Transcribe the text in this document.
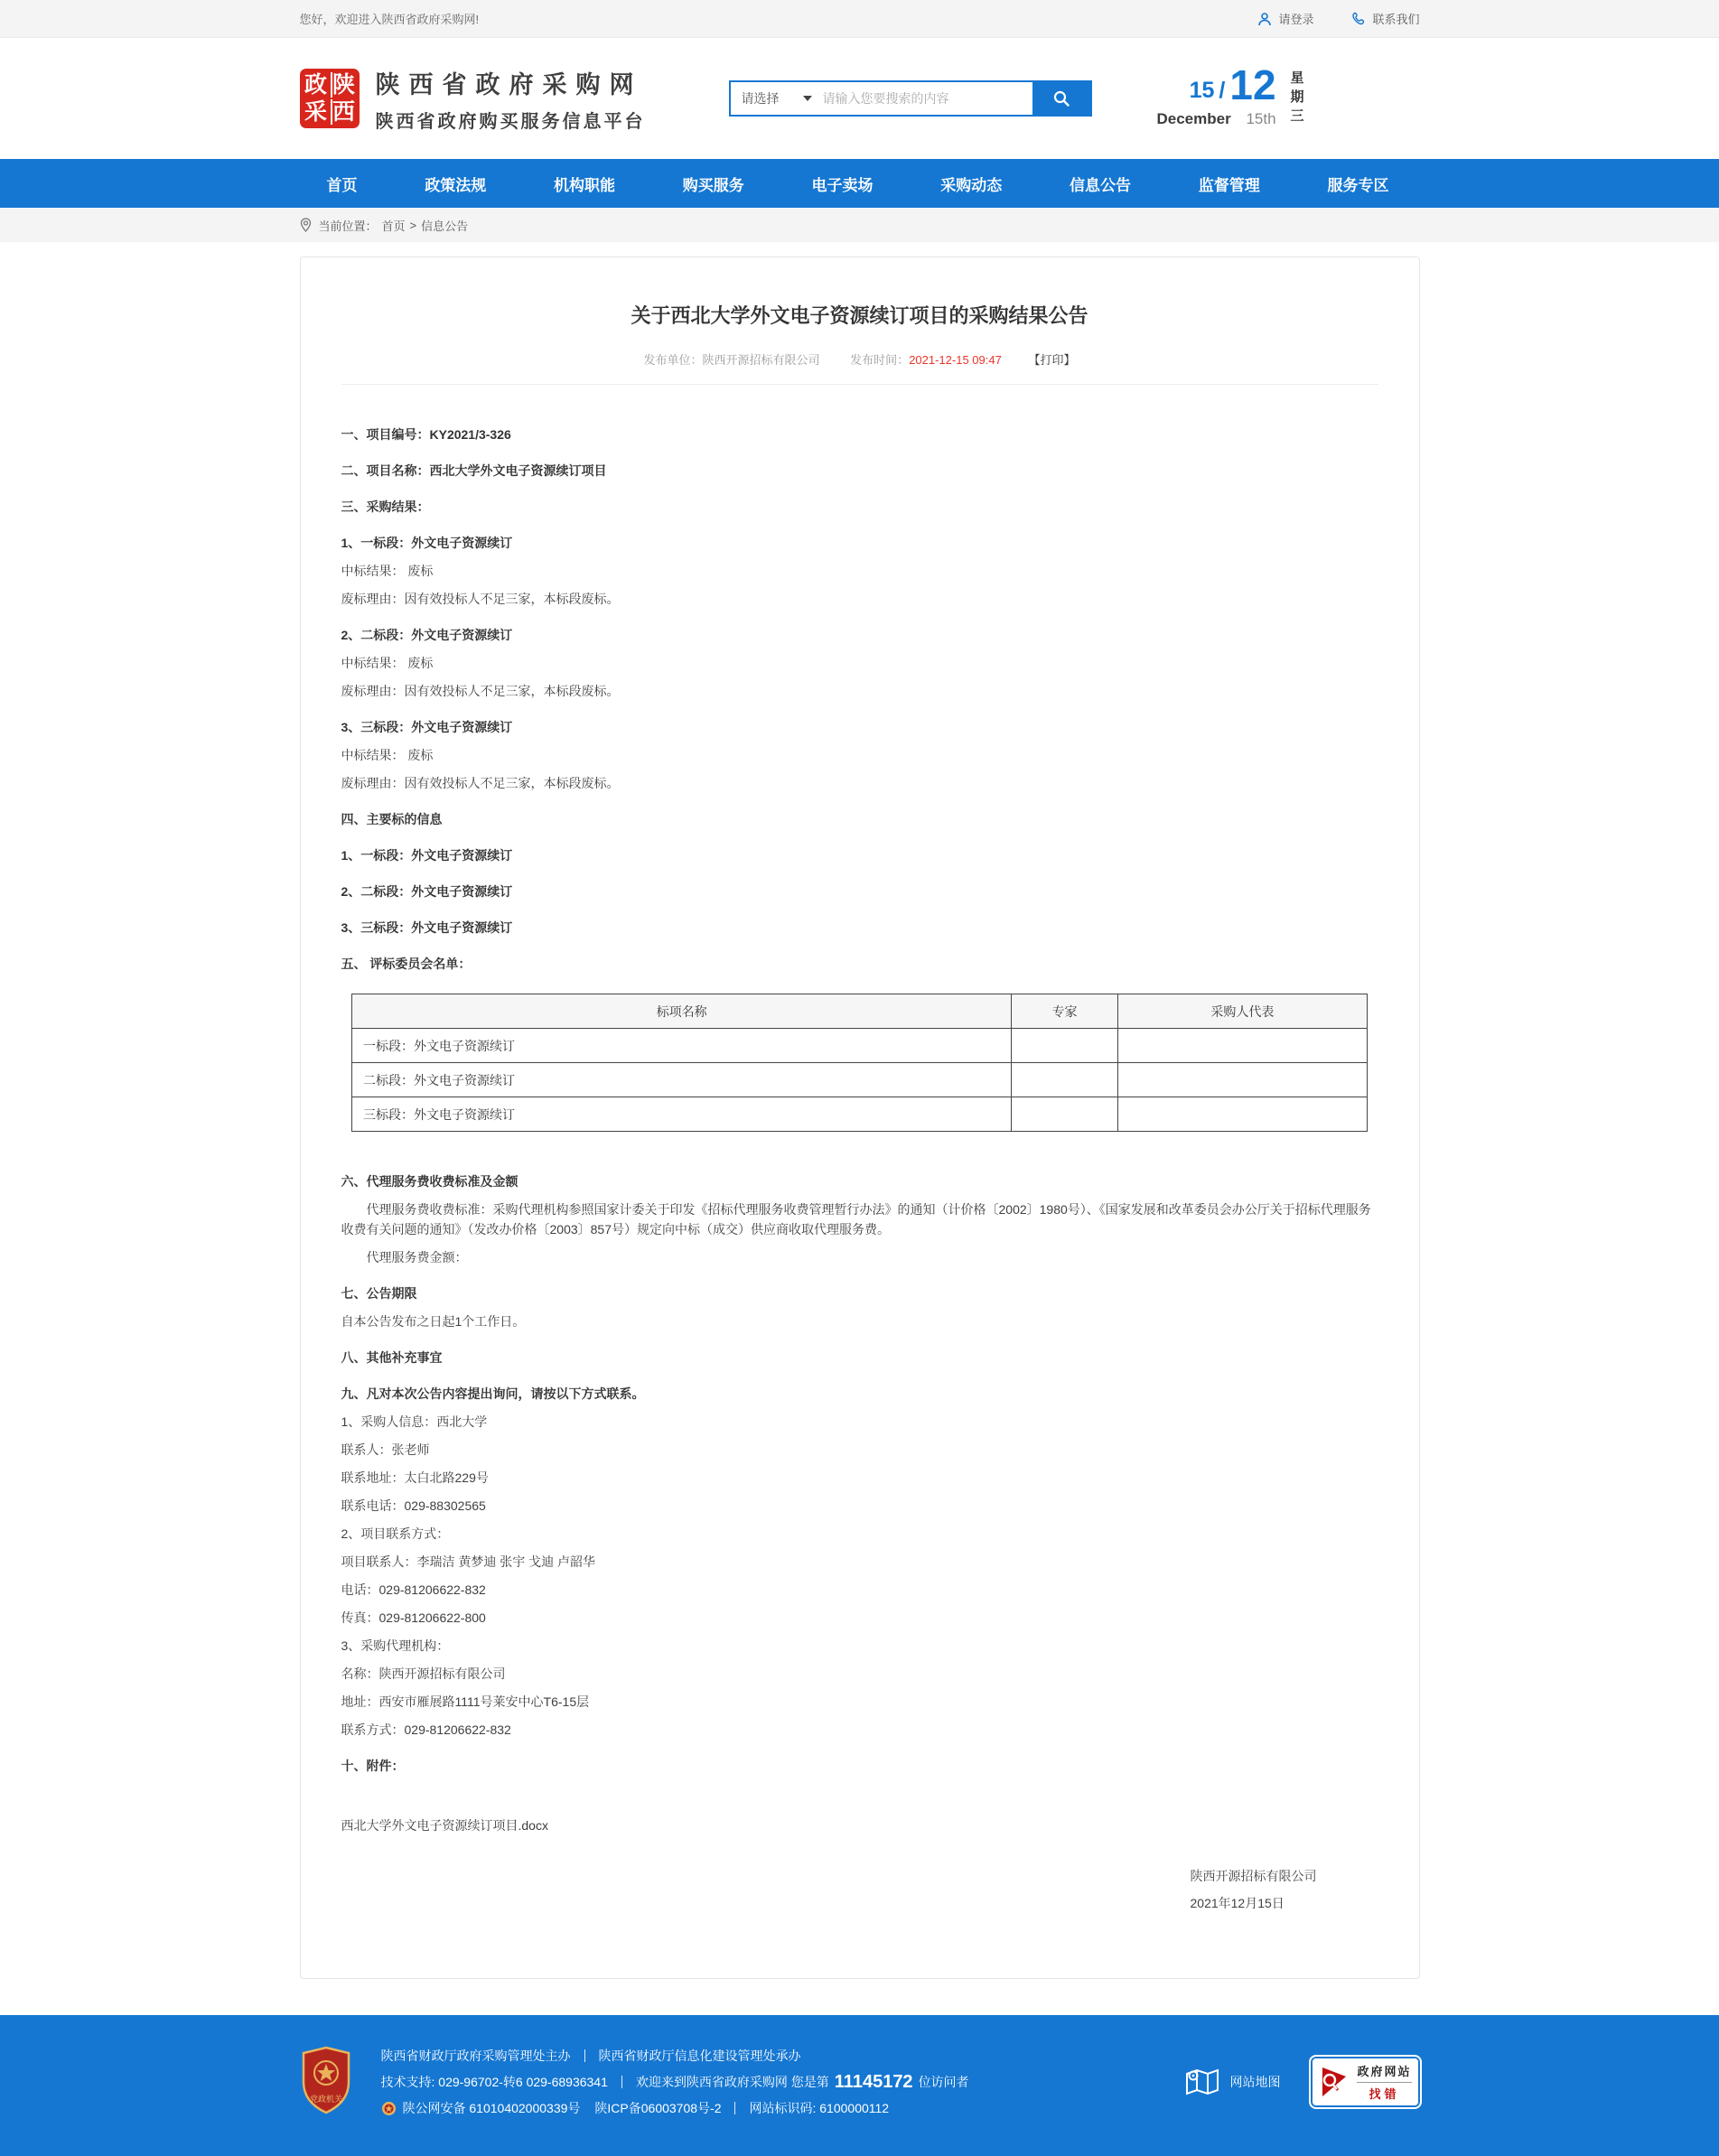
您好，欢迎进入陕西省政府采购网!	请登录	联系我们
政 陕
采 西
陕西省政府采购网
陕西省政府购买服务信息平台
请选择
请输入您要搜索的内容	15 / 12
December 15th
星期三
首页	政策法规	机构职能	购买服务	电子卖场	采购动态	信息公告	监督管理	服务专区
当前位置： 首页 > 信息公告
关于西北大学外文电子资源续订项目的采购结果公告
发布单位：陕西开源招标有限公司	发布时间：2021-12-15 09:47 【打印】

一、项目编号：KY2021/3-326

二、项目名称：西北大学外文电子资源续订项目

三、采购结果：

1、一标段：外文电子资源续订

中标结果： 废标

废标理由：因有效投标人不足三家，本标段废标。

2、二标段：外文电子资源续订

中标结果： 废标

废标理由：因有效投标人不足三家，本标段废标。

3、三标段：外文电子资源续订

中标结果： 废标

废标理由：因有效投标人不足三家，本标段废标。

四、主要标的信息

1、一标段：外文电子资源续订

2、二标段：外文电子资源续订

3、三标段：外文电子资源续订

五、 评标委员会名单：

标项名称	专家	采购人代表
一标段：外文电子资源续订		
二标段：外文电子资源续订		
三标段：外文电子资源续订		

六、代理服务费收费标准及金额

代理服务费收费标准：采购代理机构参照国家计委关于印发《招标代理服务收费管理暂行办法》的通知（计价格〔2002〕1980号）、《国家发展和改革委员会办公厅关于招标代理服务收费有关问题的通知》（发改办价格〔2003〕857号）规定向中标（成交）供应商收取代理服务费。

代理服务费金额：

七、公告期限

自本公告发布之日起1个工作日。

八、其他补充事宜

九、凡对本次公告内容提出询问，请按以下方式联系。

1、采购人信息：西北大学

联系人：张老师

联系地址：太白北路229号

联系电话：029-88302565

2、项目联系方式：

项目联系人：李瑞洁 黄梦迪 张宇 戈迪 卢韶华

电话：029-81206622-832

传真：029-81206622-800

3、采购代理机构：

名称：陕西开源招标有限公司

地址：西安市雁展路1111号莱安中心T6-15层

联系方式：029-81206622-832

十、附件：

西北大学外文电子资源续订项目.docx

陕西开源招标有限公司
2021年12月15日
党政机关
陕西省财政厅政府采购管理处主办 陕西省财政厅信息化建设管理处承办
技术支持: 029-96702-转6 029-68936341 欢迎来到陕西省政府采购网 您是第 11145172 位访问者
陕公网安备 61010402000339号 陕ICP备06003708号-2 网站标识码: 6100000112
网站地图
政府网站
找错
